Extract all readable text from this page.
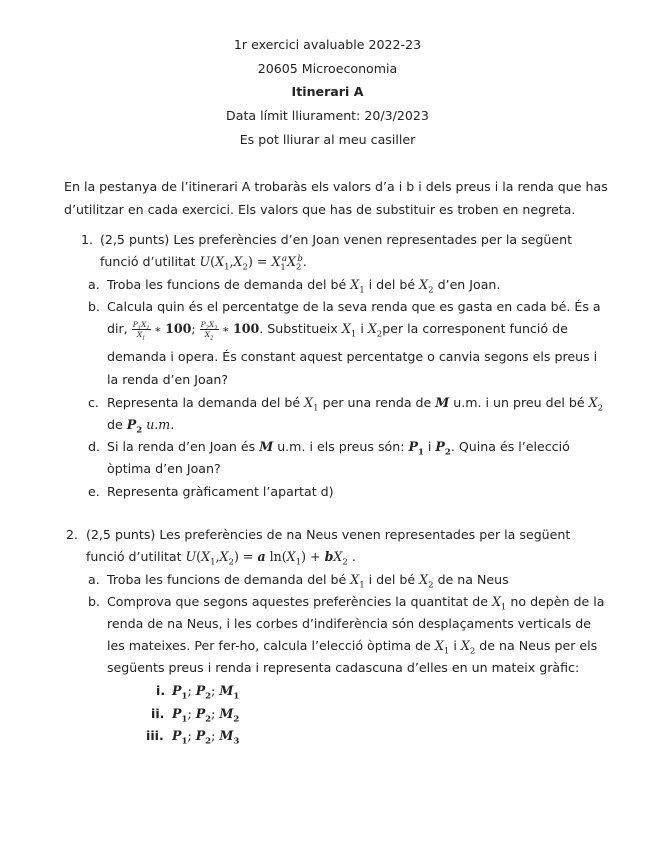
1r exercici avaluable 2022-23
20605 Microeconomia
Itinerari A
Data límit lliurament: 20/3/2023
Es pot lliurar al meu casiller
En la pestanya de l’itinerari A trobaràs els valors d’a i b i dels preus i la renda que has
d’utilitzar en cada exercici. Els valors que has de substituir es troben en negreta.
1. (2,5 punts) Les preferències d’en Joan venen representades per la següent
funció d’utilitat $U(X_1,X_2) = X_1^aX_2^b$.
a. Troba les funcions de demanda del bé $X_1$ i del bé $X_2$ d’en Joan.
b. Calcula quin és el percentatge de la seva renda que es gasta en cada bé. És a
dir, $\frac{P_1X_1}{X_1}$ ∗ 100; $\frac{P_2X_2}{X_2}$ ∗ 100. Substitueix $X_1$ i $X_2per$ la corresponent funció de
demanda i opera. És constant aquest percentatge o canvia segons els preus i
la renda d’en Joan?
c. Representa la demanda del bé $X_1$ per una renda de M u.m. i un preu del bé $X_2$
de $P_2$ u.m.
d. Si la renda d’en Joan és M u.m. i els preus són: $P_1$ i $P_2$. Quina és l’elecció
òptima d’en Joan?
e. Representa gràficament l’apartat d)
2. (2,5 punts) Les preferències de na Neus venen representades per la següent
funció d’utilitat $U(X_1,X_2) = a$ $\ln(X_1) + bX_2$ .
a. Troba les funcions de demanda del bé $X_1$ i del bé $X_2$ de na Neus
b. Comprova que segons aquestes preferències la quantitat de $X_1$ no depèn de la
renda de na Neus, i les corbes d’indiferència són desplaçaments verticals de
les mateixes. Per fer-ho, calcula l’elecció òptima de $X_1$ i $X_2$ de na Neus per els
següents preus i renda i representa cadascuna d’elles en un mateix gràfic:
i. $P_1$; $P_2$; $M_1$
ii. $P_1$; $P_2$; $M_2$
iii. $P_1$; $P_2$; $M_3$
